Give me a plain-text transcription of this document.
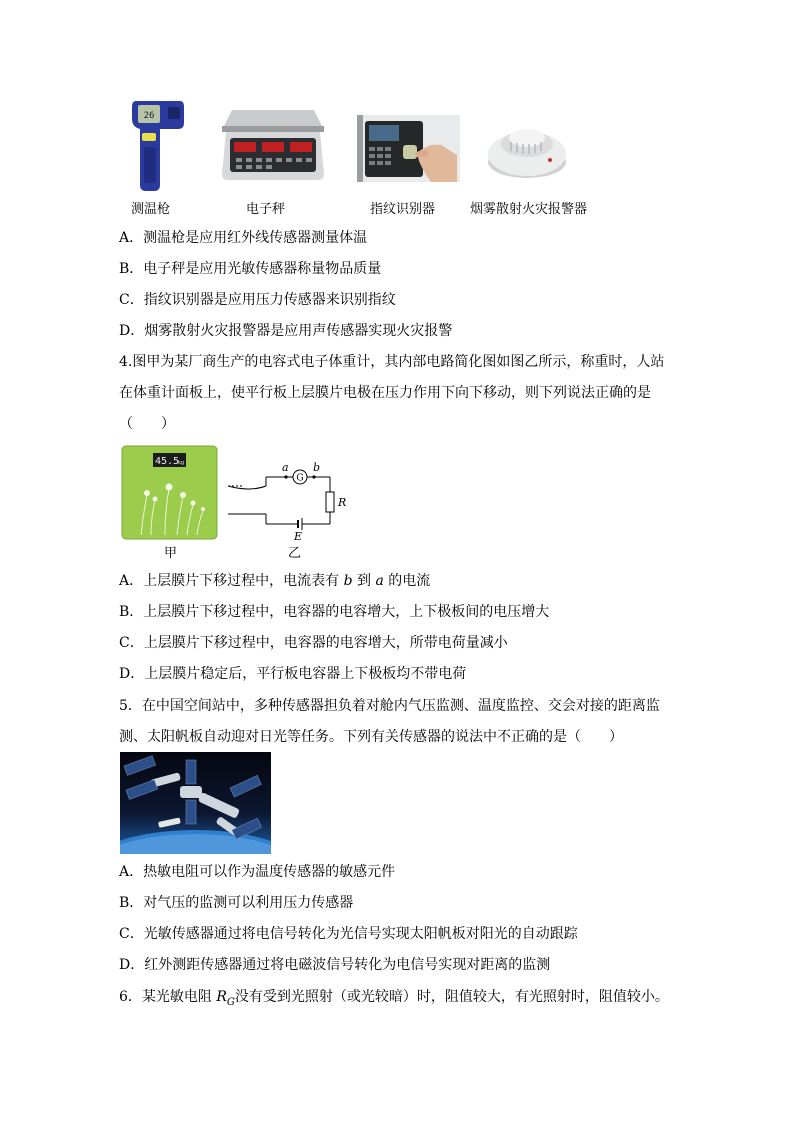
26
测温枪	电子秤	指纹识别器	烟雾散射火灾报警器
A．测温枪是应用红外线传感器测量体温
B．电子秤是应用光敏传感器称量物品质量
C．指纹识别器是应用压力传感器来识别指纹
D．烟雾散射火灾报警器是应用声传感器实现火灾报警
4.图甲为某厂商生产的电容式电子体重计，其内部电路简化图如图乙所示，称重时，人站
在体重计面板上，使平行板上层膜片电极在压力作用下向下移动，则下列说法正确的是
（　　）
45.5
kg
甲
G
a b
R
E
乙
A．上层膜片下移过程中，电流表有 b 到 a 的电流
B．上层膜片下移过程中，电容器的电容增大，上下极板间的电压增大
C．上层膜片下移过程中，电容器的电容增大，所带电荷量减小
D．上层膜片稳定后，平行板电容器上下极板均不带电荷
5．在中国空间站中，多种传感器担负着对舱内气压监测、温度监控、交会对接的距离监
测、太阳帆板自动迎对日光等任务。下列有关传感器的说法中不正确的是（　　）
A．热敏电阻可以作为温度传感器的敏感元件
B．对气压的监测可以利用压力传感器
C．光敏传感器通过将电信号转化为光信号实现太阳帆板对阳光的自动跟踪
D．红外测距传感器通过将电磁波信号转化为电信号实现对距离的监测
6．某光敏电阻 $R_G$没有受到光照射（或光较暗）时，阻值较大，有光照射时，阻值较小。
